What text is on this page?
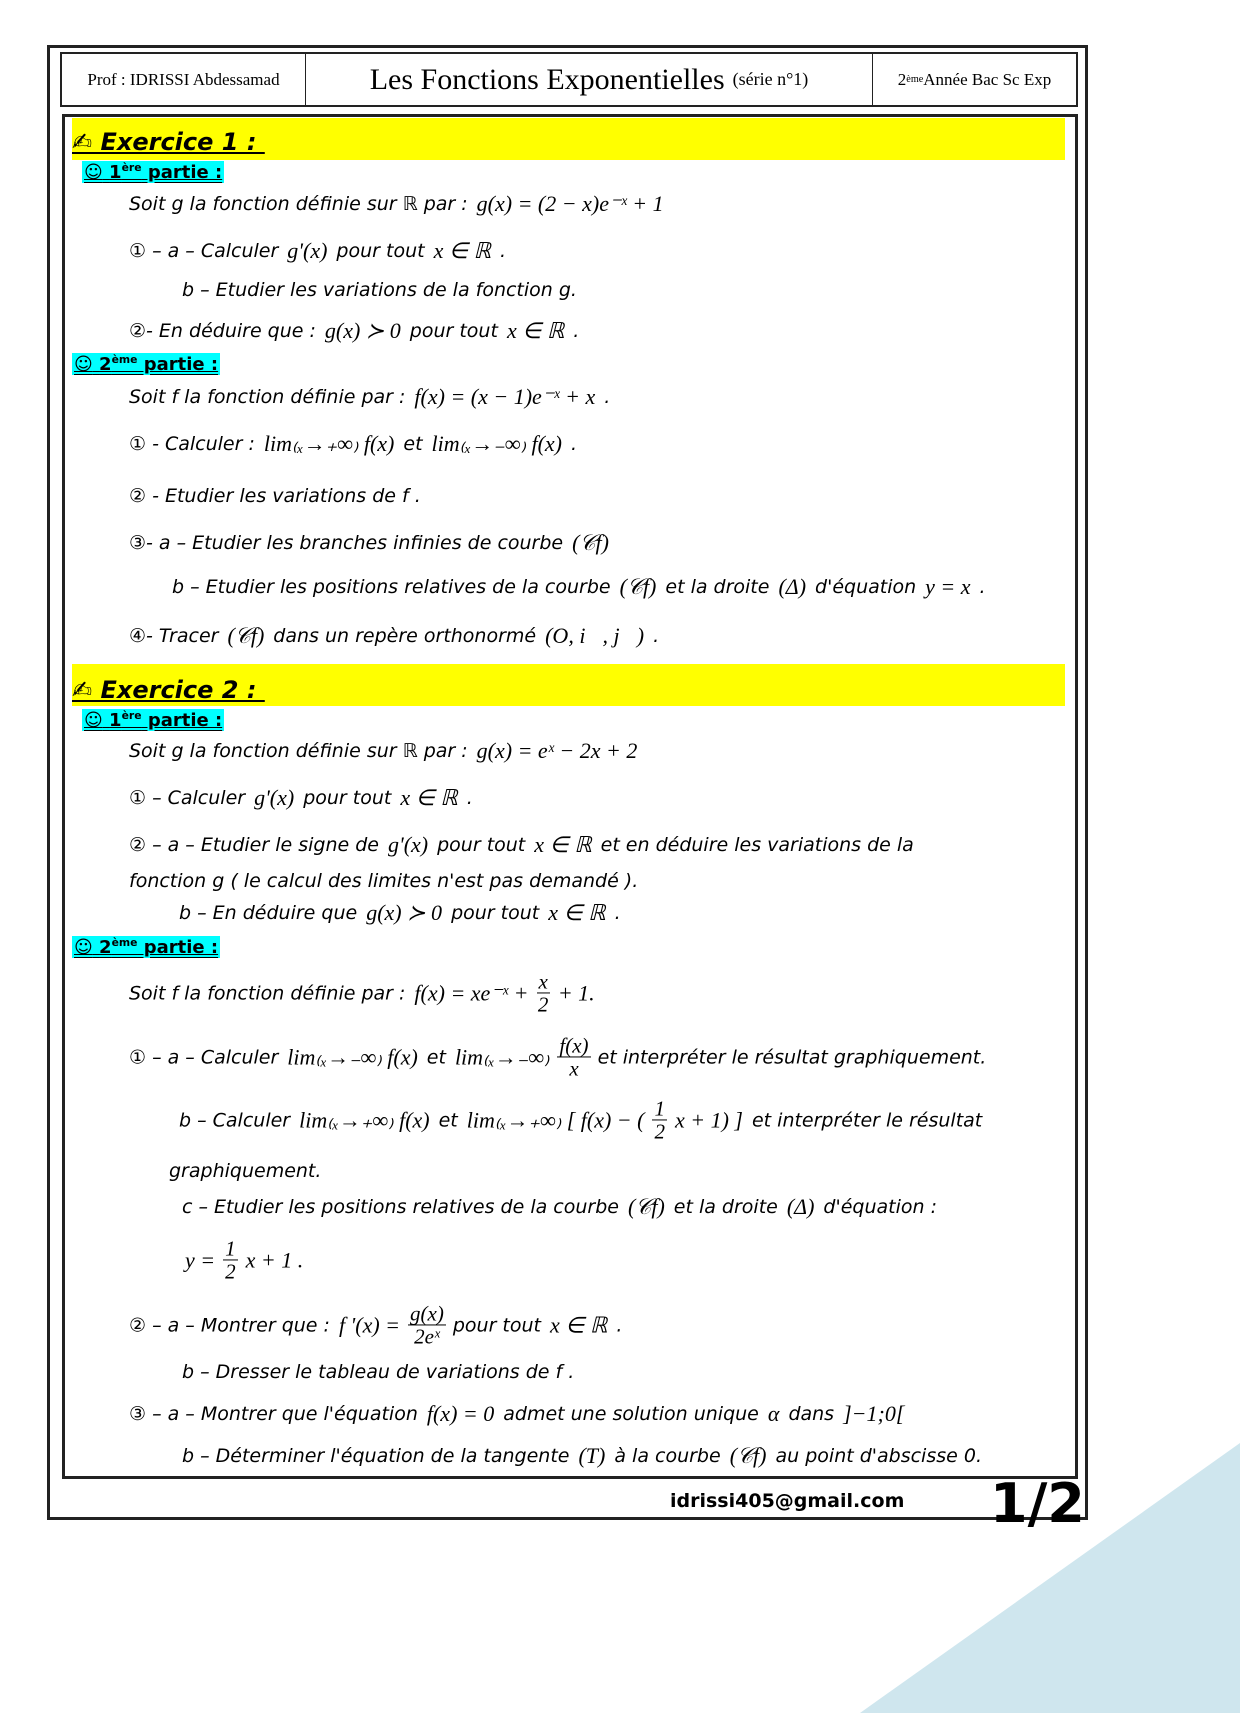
Prof : IDRISSI Abdessamad	Les Fonctions Exponentielles (série n°1)	2 ème Année Bac Sc Exp
✍ Exercice 1 :
☺ 1ère partie :
☺ 2ème partie :
✍ Exercice 2 :
☺ 1ère partie :
☺ 2ème partie :
Soit g la fonction définie sur ℝ par : g(x) = (2 − x)e⁻ˣ + 1
① – a – Calculer g'(x) pour tout x ∈ ℝ .
b – Etudier les variations de la fonction g.
②- En déduire que : g(x) ≻ 0 pour tout x ∈ ℝ .
Soit f la fonction définie par : f(x) = (x − 1)e⁻ˣ + x .
① - Calculer : lim₍ₓ→₊∞₎ f(x) et lim₍ₓ→₋∞₎ f(x) .
② - Etudier les variations de f .
③- a – Etudier les branches infinies de courbe (𝒞f)
b – Etudier les positions relatives de la courbe (𝒞f) et la droite (Δ) d'équation y = x .
④- Tracer (𝒞f) dans un repère orthonormé (O, i⃗, j⃗) .
Soit g la fonction définie sur ℝ par : g(x) = eˣ − 2x + 2
① – Calculer g'(x) pour tout x ∈ ℝ .
② – a – Etudier le signe de g'(x) pour tout x ∈ ℝ et en déduire les variations de la
fonction g ( le calcul des limites n'est pas demandé ).
b – En déduire que g(x) ≻ 0 pour tout x ∈ ℝ .
Soit f la fonction définie par : f(x) = xe⁻ˣ + $\frac{x}{2} + 1$.
① – a – Calculer lim₍ₓ→₋∞₎ f(x) et $\lim_{(x}\to_-\infty_) \frac{f(x)}{x}$ et interpréter le résultat graphiquement.
b – Calculer lim₍ₓ→₊∞₎ f(x) et lim₍ₓ→₊∞₎ [ f(x) − ( $\frac{1}{2}$ x + 1) ] et interpréter le résultat
graphiquement.
c – Etudier les positions relatives de la courbe (𝒞f) et la droite (Δ) d'équation :
$y = \frac{1}{2}$ x + 1 .
② – a – Montrer que : f '$(x) = \frac{g(x)}{\text{2eˣ}}$ pour tout x ∈ ℝ .
b – Dresser le tableau de variations de f .
③ – a – Montrer que l'équation f(x) = 0 admet une solution unique α dans ]−1;0[
b – Déterminer l'équation de la tangente (T) à la courbe (𝒞f) au point d'abscisse 0.
idrissi405@gmail.com 1/2
